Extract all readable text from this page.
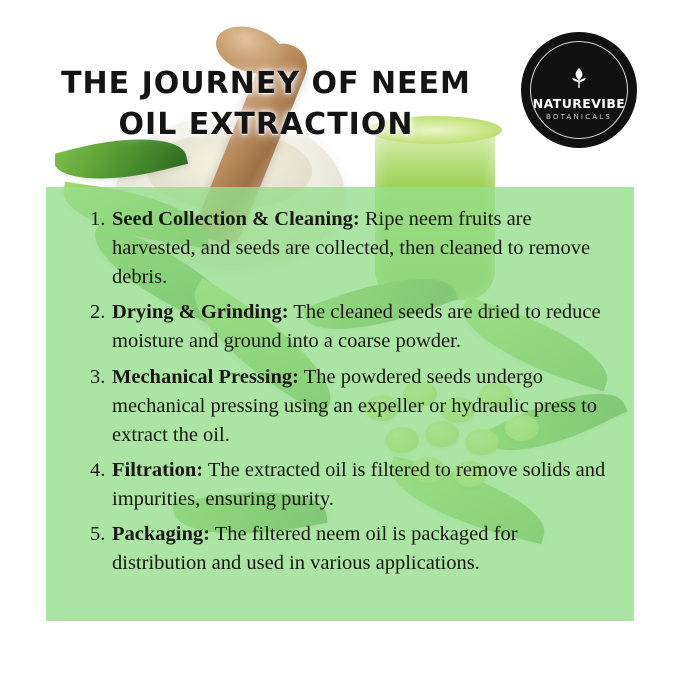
THE JOURNEY OF NEEM OIL EXTRACTION
NATUREVIBE
BOTANICALS
Seed Collection & Cleaning: Ripe neem fruits are harvested, and seeds are collected, then cleaned to remove debris.
Drying & Grinding: The cleaned seeds are dried to reduce moisture and ground into a coarse powder.
Mechanical Pressing: The powdered seeds undergo mechanical pressing using an expeller or hydraulic press to extract the oil.
Filtration: The extracted oil is filtered to remove solids and impurities, ensuring purity.
Packaging: The filtered neem oil is packaged for distribution and used in various applications.
